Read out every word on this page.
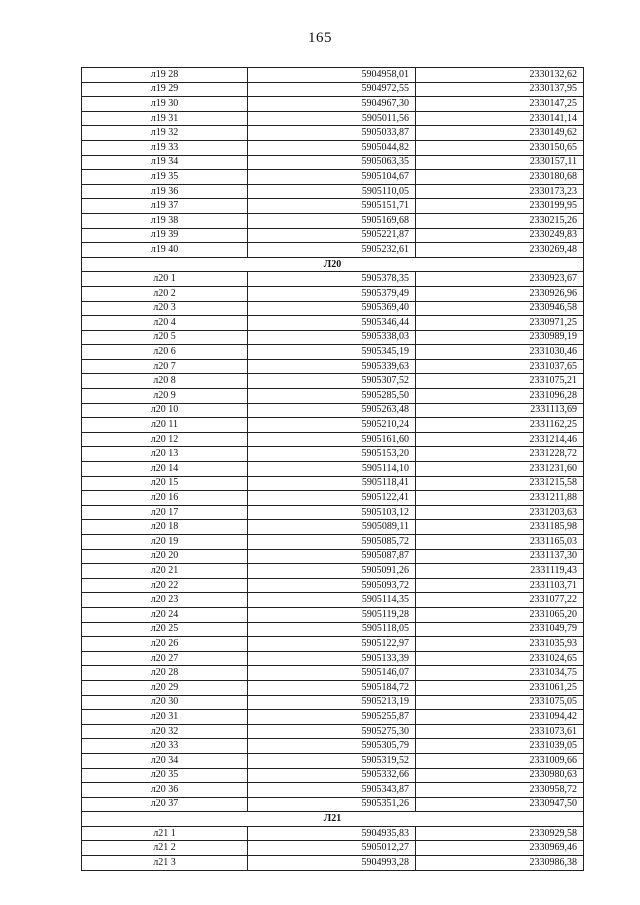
165
л19 28	5904958,01	2330132,62
л19 29	5904972,55	2330137,95
л19 30	5904967,30	2330147,25
л19 31	5905011,56	2330141,14
л19 32	5905033,87	2330149,62
л19 33	5905044,82	2330150,65
л19 34	5905063,35	2330157,11
л19 35	5905104,67	2330180,68
л19 36	5905110,05	2330173,23
л19 37	5905151,71	2330199,95
л19 38	5905169,68	2330215,26
л19 39	5905221,87	2330249,83
л19 40	5905232,61	2330269,48
Л20		
л20 1	5905378,35	2330923,67
л20 2	5905379,49	2330926,96
л20 3	5905369,40	2330946,58
л20 4	5905346,44	2330971,25
л20 5	5905338,03	2330989,19
л20 6	5905345,19	2331030,46
л20 7	5905339,63	2331037,65
л20 8	5905307,52	2331075,21
л20 9	5905285,50	2331096,28
л20 10	5905263,48	2331113,69
л20 11	5905210,24	2331162,25
л20 12	5905161,60	2331214,46
л20 13	5905153,20	2331228,72
л20 14	5905114,10	2331231,60
л20 15	5905118,41	2331215,58
л20 16	5905122,41	2331211,88
л20 17	5905103,12	2331203,63
л20 18	5905089,11	2331185,98
л20 19	5905085,72	2331165,03
л20 20	5905087,87	2331137,30
л20 21	5905091,26	2331119,43
л20 22	5905093,72	2331103,71
л20 23	5905114,35	2331077,22
л20 24	5905119,28	2331065,20
л20 25	5905118,05	2331049,79
л20 26	5905122,97	2331035,93
л20 27	5905133,39	2331024,65
л20 28	5905146,07	2331034,75
л20 29	5905184,72	2331061,25
л20 30	5905213,19	2331075,05
л20 31	5905255,87	2331094,42
л20 32	5905275,30	2331073,61
л20 33	5905305,79	2331039,05
л20 34	5905319,52	2331009,66
л20 35	5905332,66	2330980,63
л20 36	5905343,87	2330958,72
л20 37	5905351,26	2330947,50
Л21		
л21 1	5904935,83	2330929,58
л21 2	5905012,27	2330969,46
л21 3	5904993,28	2330986,38
